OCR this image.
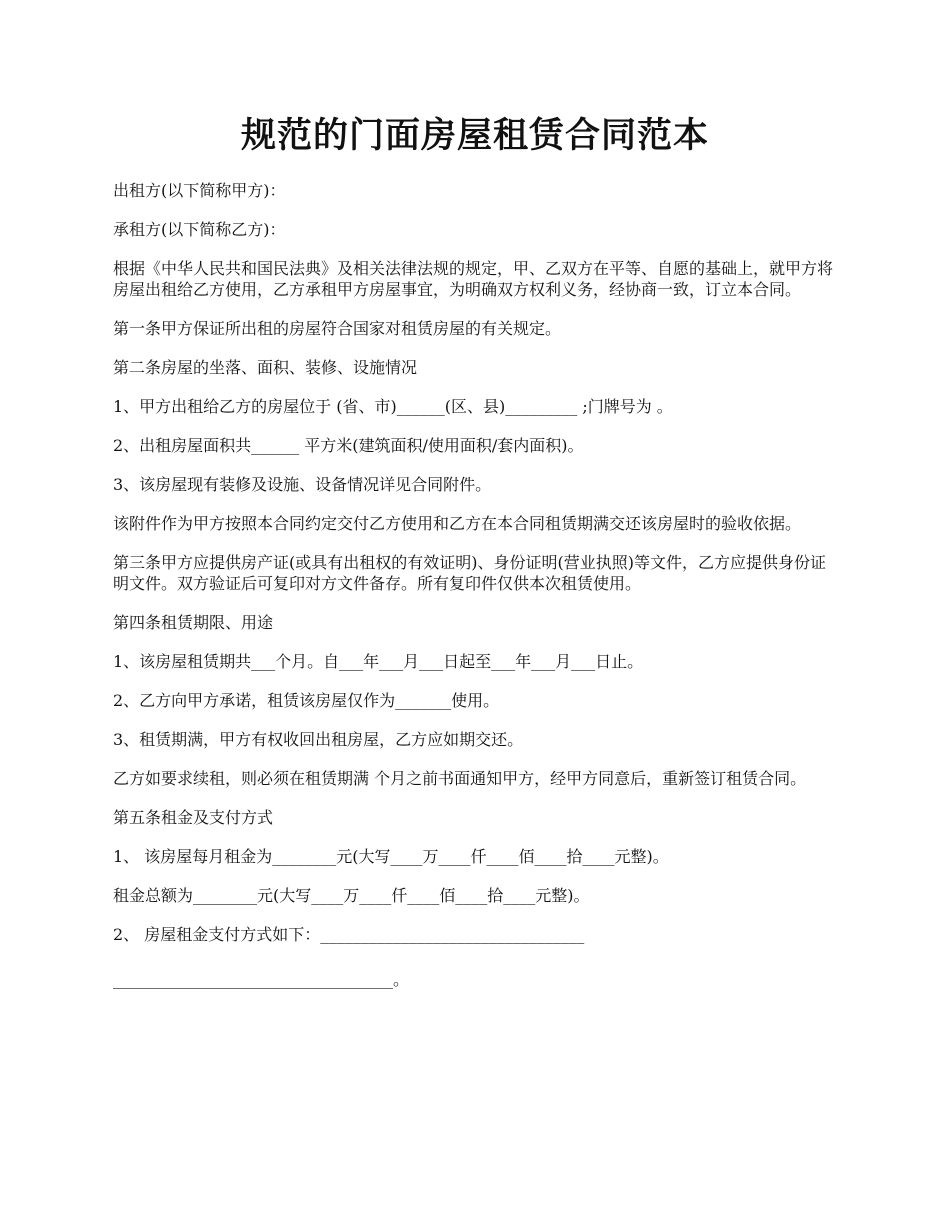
规范的门面房屋租赁合同范本

出租方(以下简称甲方)：

承租方(以下简称乙方)：

根据《中华人民共和国民法典》及相关法律法规的规定，甲、乙双方在平等、自愿的基础上，就甲方将房屋出租给乙方使用，乙方承租甲方房屋事宜，为明确双方权利义务，经协商一致，订立本合同。

第一条甲方保证所出租的房屋符合国家对租赁房屋的有关规定。

第二条房屋的坐落、面积、装修、设施情况

1、甲方出租给乙方的房屋位于 (省、市)______(区、县)_________ ;门牌号为 。

2、出租房屋面积共______ 平方米(建筑面积/使用面积/套内面积)。

3、该房屋现有装修及设施、设备情况详见合同附件。

该附件作为甲方按照本合同约定交付乙方使用和乙方在本合同租赁期满交还该房屋时的验收依据。

第三条甲方应提供房产证(或具有出租权的有效证明)、身份证明(营业执照)等文件，乙方应提供身份证明文件。双方验证后可复印对方文件备存。所有复印件仅供本次租赁使用。

第四条租赁期限、用途

1、该房屋租赁期共___个月。自___年___月___日起至___年___月___日止。

2、乙方向甲方承诺，租赁该房屋仅作为_______使用。

3、租赁期满，甲方有权收回出租房屋，乙方应如期交还。

乙方如要求续租，则必须在租赁期满 个月之前书面通知甲方，经甲方同意后，重新签订租赁合同。

第五条租金及支付方式

1、 该房屋每月租金为________元(大写____万____仟____佰____拾____元整)。

租金总额为________元(大写____万____仟____佰____拾____元整)。

2、 房屋租金支付方式如下：_________________________________

___________________________________。
